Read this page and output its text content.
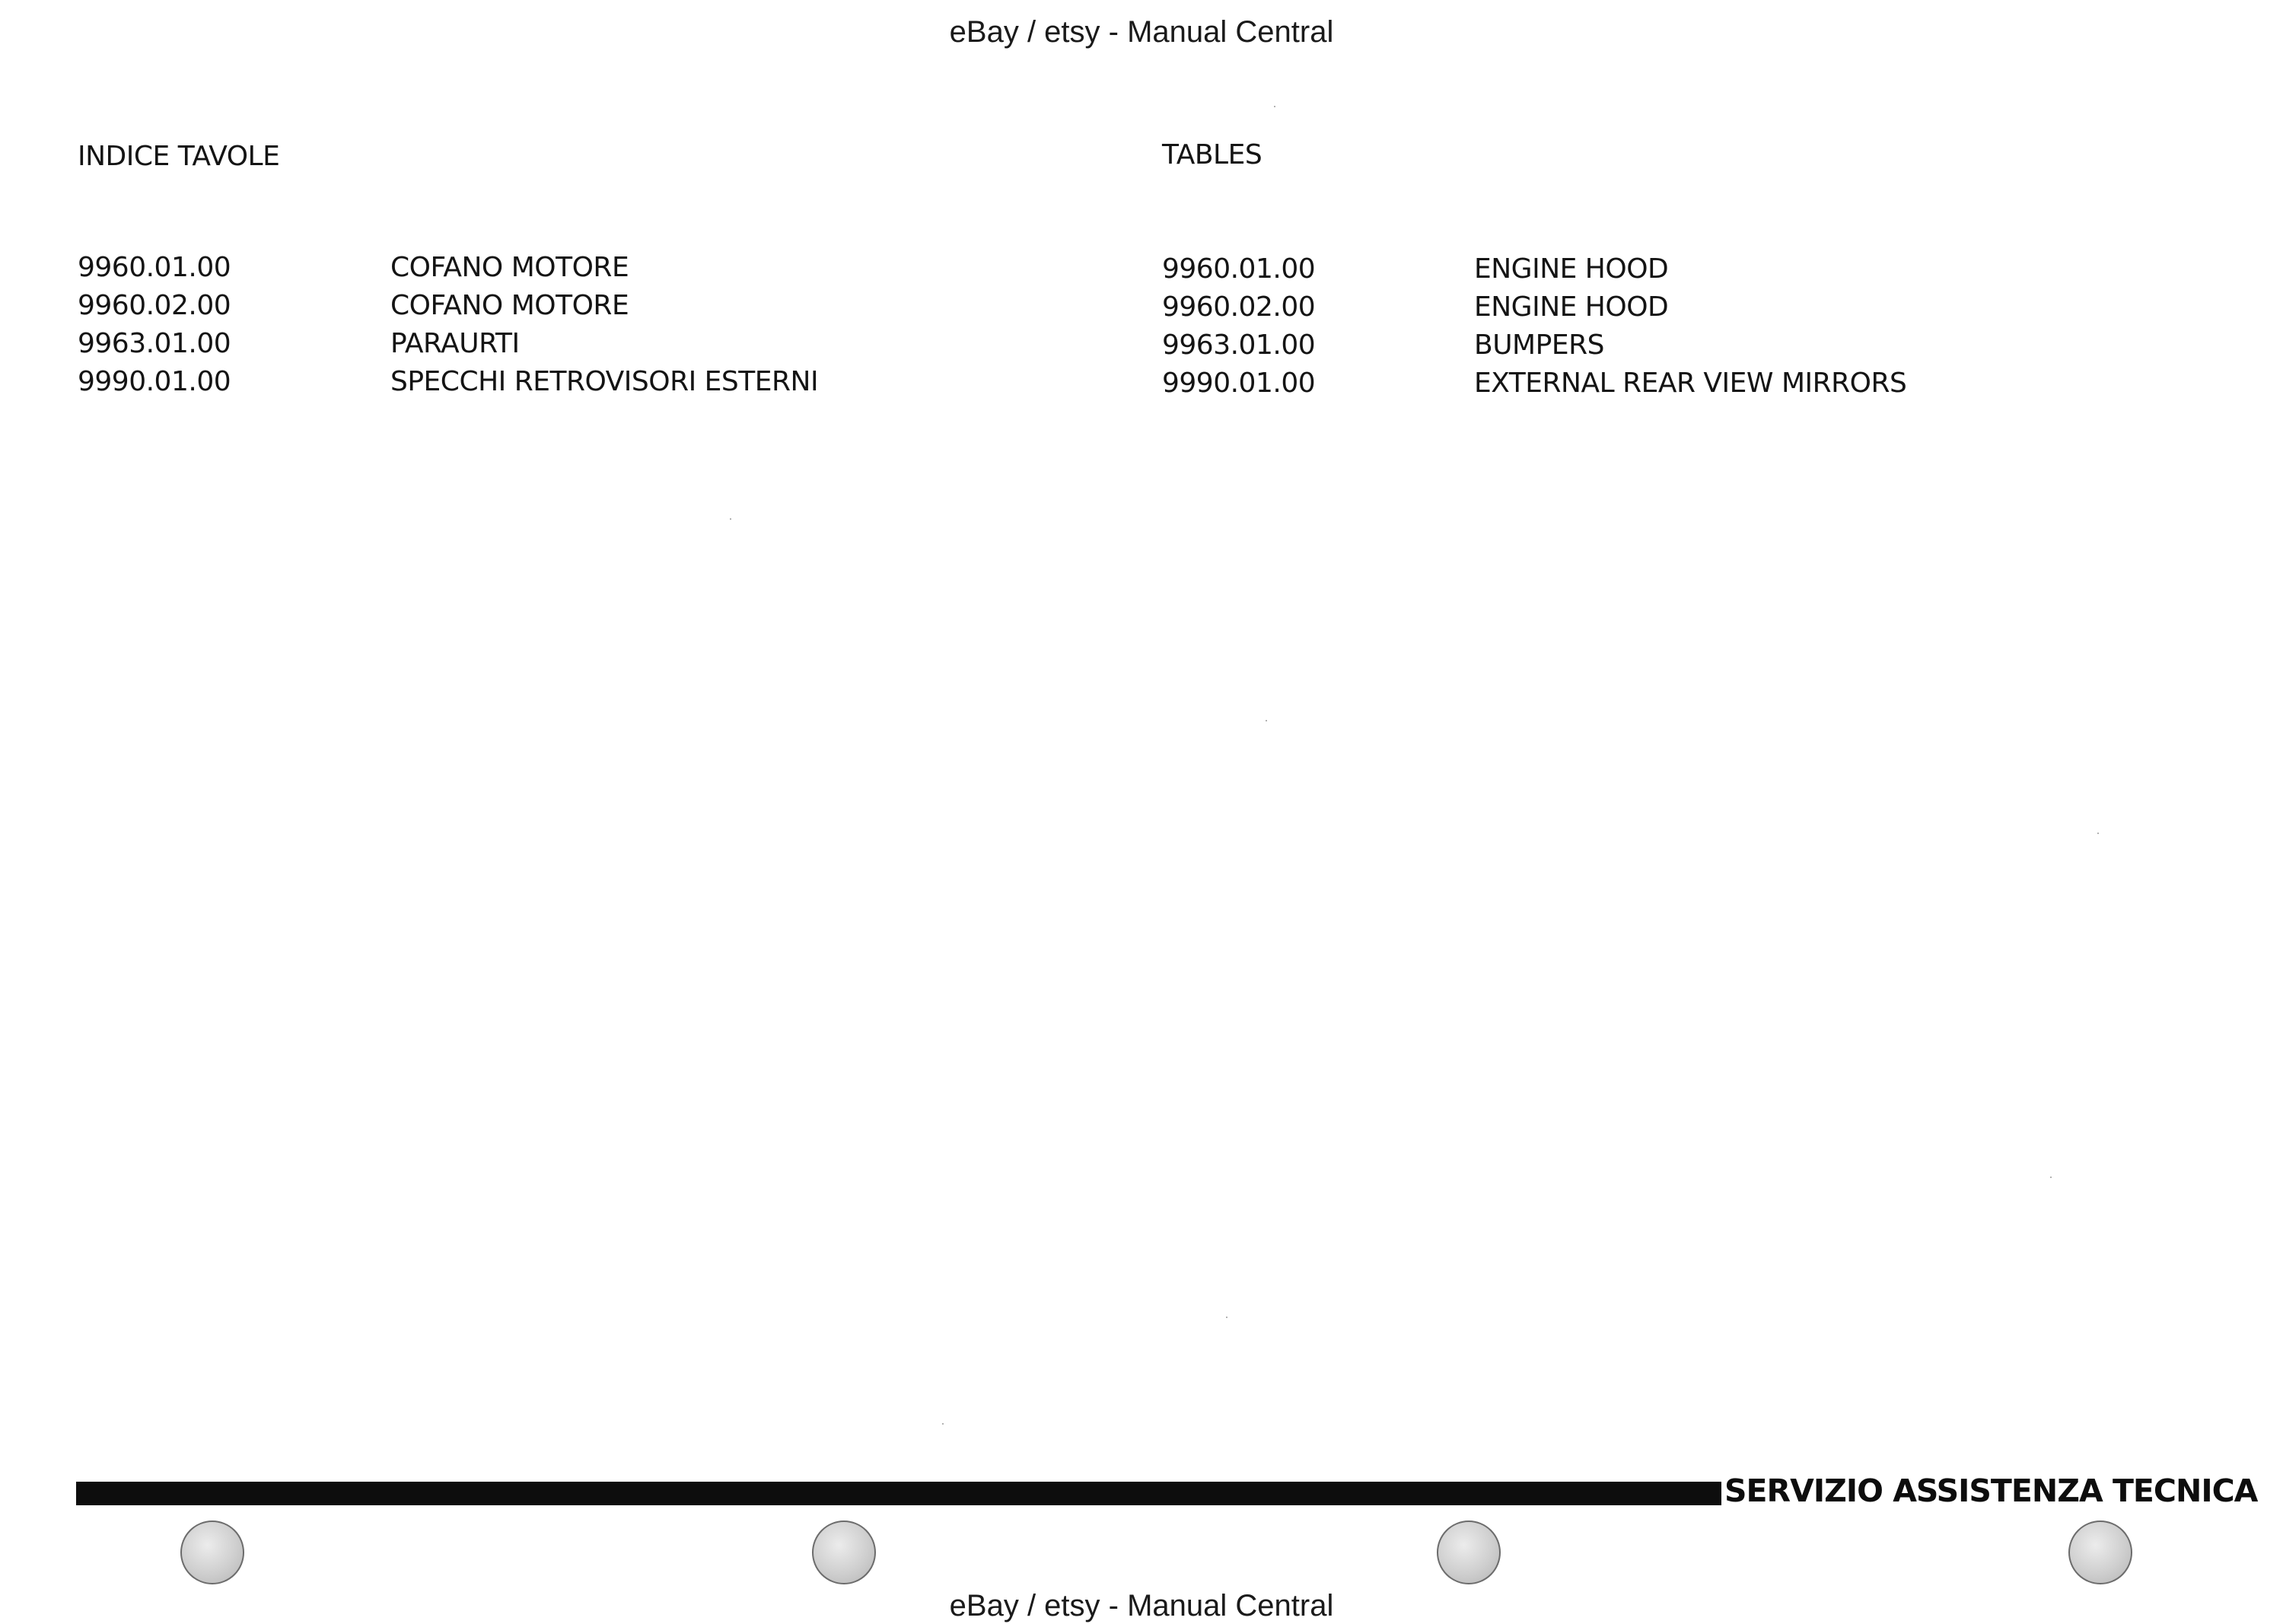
eBay / etsy - Manual Central
INDICE TAVOLE	TABLES
9960.01.00	COFANO MOTORE
9960.02.00	COFANO MOTORE
9963.01.00	PARAURTI
9990.01.00	SPECCHI RETROVISORI ESTERNI
9960.01.00	ENGINE HOOD
9960.02.00	ENGINE HOOD
9963.01.00	BUMPERS
9990.01.00	EXTERNAL REAR VIEW MIRRORS
SERVIZIO ASSISTENZA TECNICA
eBay / etsy - Manual Central
